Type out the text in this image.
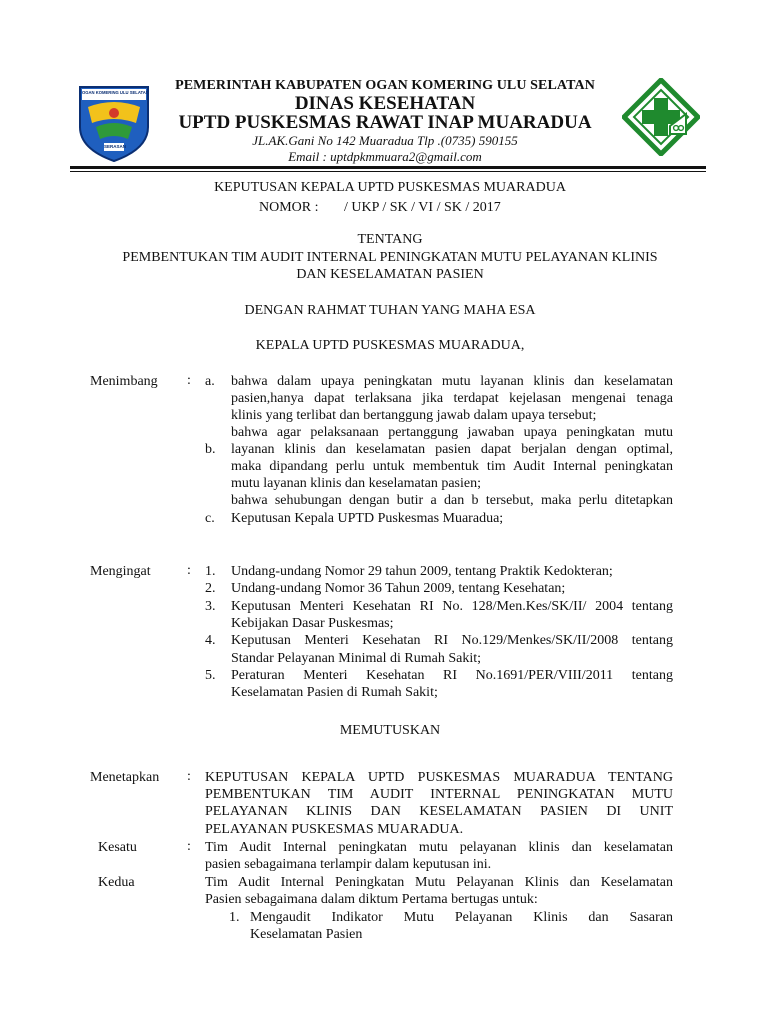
OGAN KOMERING ULU SELATAN
SERASAN
PEMERINTAH KABUPATEN OGAN KOMERING ULU SELATAN
DINAS KESEHATAN
UPTD PUSKESMAS RAWAT INAP MUARADUA
JL.AK.Gani No 142 Muaradua Tlp .(0735) 590155
Email : uptdpkmmuara2@gmail.com
KEPUTUSAN KEPALA UPTD PUSKESMAS MUARADUA
NOMOR : / UKP / SK / VI / SK / 2017
TENTANG
PEMBENTUKAN TIM AUDIT INTERNAL PENINGKATAN MUTU PELAYANAN KLINIS
DAN KESELAMATAN PASIEN
DENGAN RAHMAT TUHAN YANG MAHA ESA
KEPALA UPTD PUSKESMAS MUARADUA,
Menimbang : a. bahwa dalam upaya peningkatan mutu layanan klinis dan keselamatan
pasien,hanya dapat terlaksana jika terdapat kejelasan mengenai tenaga
klinis yang terlibat dan bertanggung jawab dalam upaya tersebut;
bahwa agar pelaksanaan pertanggung jawaban upaya peningkatan mutu
b. layanan klinis dan keselamatan pasien dapat berjalan dengan optimal,
maka dipandang perlu untuk membentuk tim Audit Internal peningkatan
mutu layanan klinis dan keselamatan pasien;
bahwa sehubungan dengan butir a dan b tersebut, maka perlu ditetapkan
c. Keputusan Kepala UPTD Puskesmas Muaradua;
Mengingat	: 1. Undang-undang Nomor 29 tahun 2009, tentang Praktik Kedokteran;
2. Undang-undang Nomor 36 Tahun 2009, tentang Kesehatan;
3. Keputusan Menteri Kesehatan RI No. 128/Men.Kes/SK/II/ 2004 tentang
Kebijakan Dasar Puskesmas;
4. Keputusan Menteri Kesehatan RI No.129/Menkes/SK/II/2008 tentang
Standar Pelayanan Minimal di Rumah Sakit;
5. Peraturan Menteri Kesehatan RI No.1691/PER/VIII/2011 tentang
Keselamatan Pasien di Rumah Sakit;
MEMUTUSKAN
Menetapkan : KEPUTUSAN KEPALA UPTD PUSKESMAS MUARADUA TENTANG
PEMBENTUKAN TIM AUDIT INTERNAL PENINGKATAN MUTU
PELAYANAN KLINIS DAN KESELAMATAN PASIEN DI UNIT
PELAYANAN PUSKESMAS MUARADUA.
Kesatu	: Tim Audit Internal peningkatan mutu pelayanan klinis dan keselamatan
pasien sebagaimana terlampir dalam keputusan ini.
Kedua	Tim Audit Internal Peningkatan Mutu Pelayanan Klinis dan Keselamatan
Pasien sebagaimana dalam diktum Pertama bertugas untuk:
1. Mengaudit Indikator Mutu Pelayanan Klinis dan Sasaran
Keselamatan Pasien
